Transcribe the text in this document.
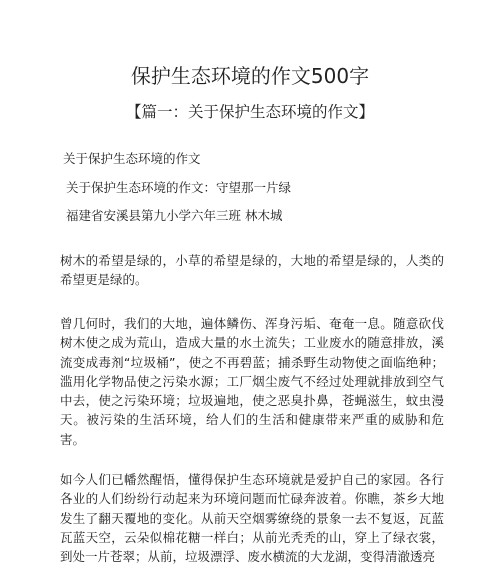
保护生态环境的作文500字
【篇一：关于保护生态环境的作文】
关于保护生态环境的作文
关于保护生态环境的作文：守望那一片绿
福建省安溪县第九小学六年三班 林木城

树木的希望是绿的，小草的希望是绿的，大地的希望是绿的，人类的希望更是绿的。

曾几何时，我们的大地，遍体鳞伤、浑身污垢、奄奄一息。随意砍伐树木使之成为荒山，造成大量的水土流失；工业废水的随意排放，溪流变成毒剂“垃圾桶”，使之不再碧蓝；捕杀野生动物使之面临绝种；滥用化学物品使之污染水源；工厂烟尘废气不经过处理就排放到空气中去，使之污染环境；垃圾遍地，使之恶臭扑鼻，苍蝇滋生，蚊虫漫天。被污染的生活环境，给人们的生活和健康带来严重的威胁和危害。

如今人们已幡然醒悟，懂得保护生态环境就是爱护自己的家园。各行各业的人们纷纷行动起来为环境问题而忙碌奔波着。你瞧，茶乡大地发生了翻天覆地的变化。从前天空烟雾缭绕的景象一去不复返，瓦蓝瓦蓝天空，云朵似棉花糖一样白；从前光秃秃的山，穿上了绿衣裳，到处一片苍翠；从前，垃圾漂浮、废水横流的大龙湖，变得清澈透亮
